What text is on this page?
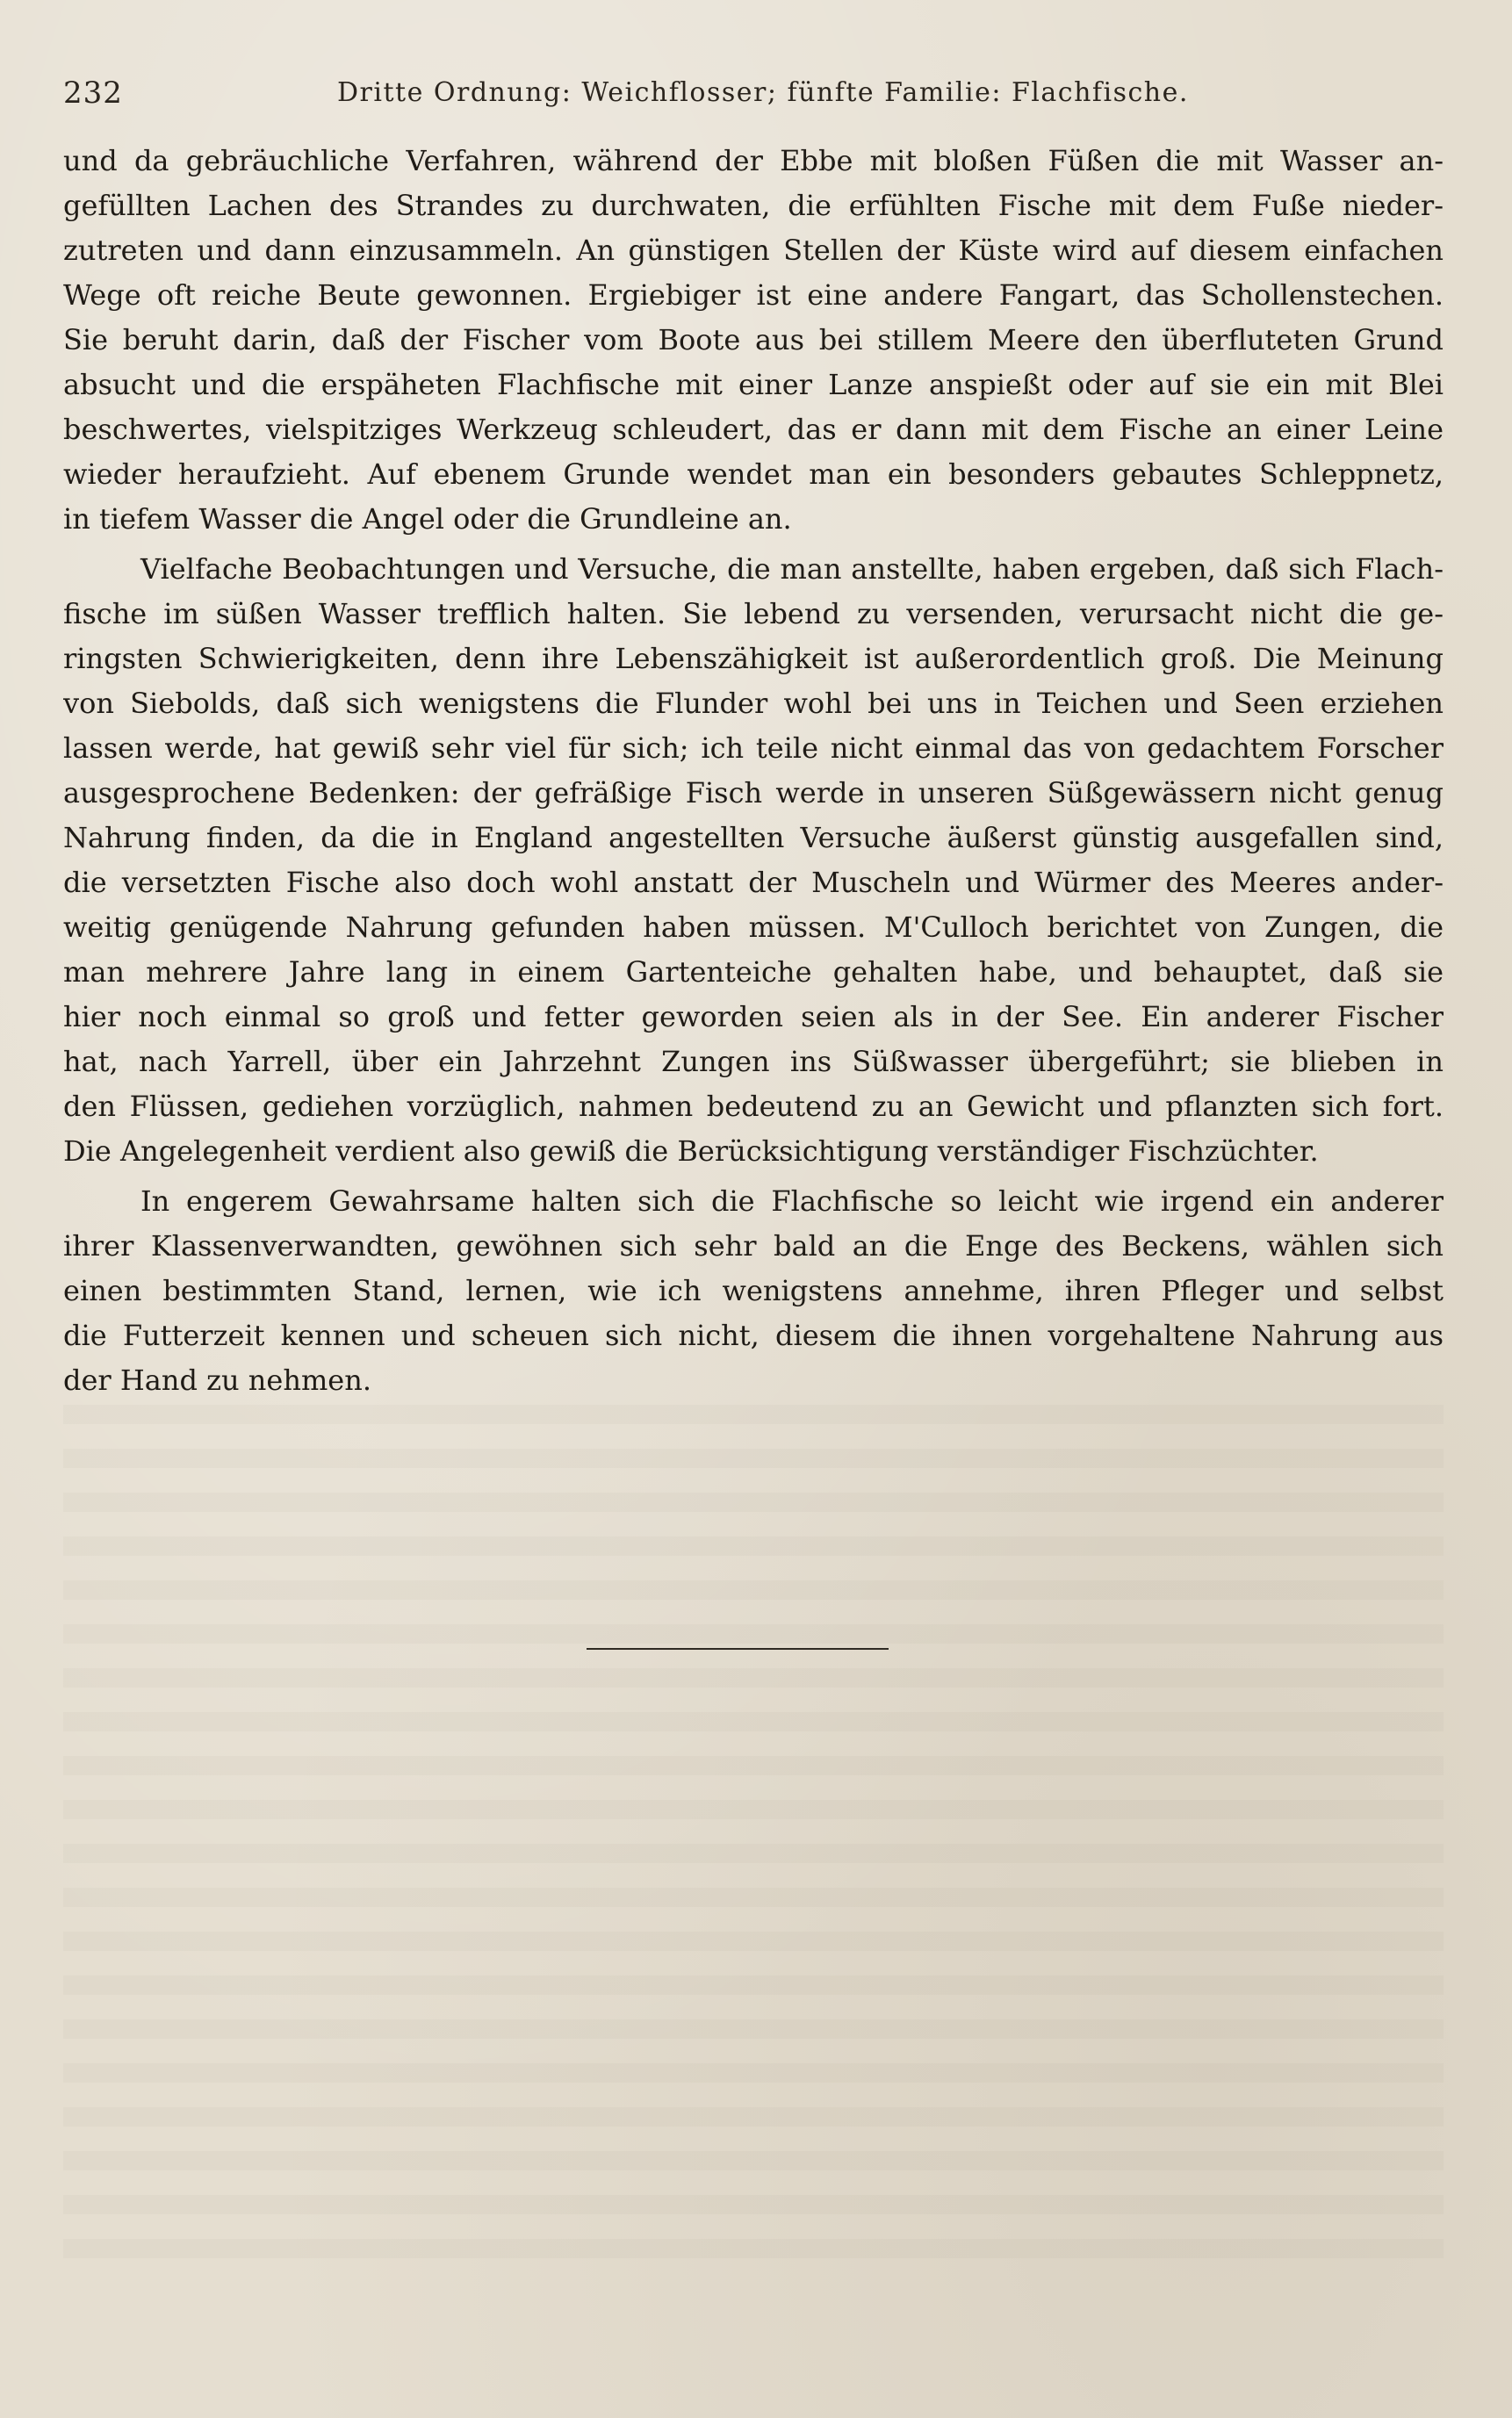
232	Dritte Ordnung: Weichflosser; fünfte Familie: Flachfische.
und da gebräuchliche Verfahren, während der Ebbe mit bloßen Füßen die mit Wasser an-
gefüllten Lachen des Strandes zu durchwaten, die erfühlten Fische mit dem Fuße nieder-
zutreten und dann einzusammeln. An günstigen Stellen der Küste wird auf diesem einfachen
Wege oft reiche Beute gewonnen. Ergiebiger ist eine andere Fangart, das Schollenstechen.
Sie beruht darin, daß der Fischer vom Boote aus bei stillem Meere den überfluteten Grund
absucht und die erspäheten Flachfische mit einer Lanze anspießt oder auf sie ein mit Blei
beschwertes, vielspitziges Werkzeug schleudert, das er dann mit dem Fische an einer Leine
wieder heraufzieht. Auf ebenem Grunde wendet man ein besonders gebautes Schleppnetz,
in tiefem Wasser die Angel oder die Grundleine an.
Vielfache Beobachtungen und Versuche, die man anstellte, haben ergeben, daß sich Flach-
fische im süßen Wasser trefflich halten. Sie lebend zu versenden, verursacht nicht die ge-
ringsten Schwierigkeiten, denn ihre Lebenszähigkeit ist außerordentlich groß. Die Meinung
von Siebolds, daß sich wenigstens die Flunder wohl bei uns in Teichen und Seen erziehen
lassen werde, hat gewiß sehr viel für sich; ich teile nicht einmal das von gedachtem Forscher
ausgesprochene Bedenken: der gefräßige Fisch werde in unseren Süßgewässern nicht genug
Nahrung finden, da die in England angestellten Versuche äußerst günstig ausgefallen sind,
die versetzten Fische also doch wohl anstatt der Muscheln und Würmer des Meeres ander-
weitig genügende Nahrung gefunden haben müssen. M'Culloch berichtet von Zungen, die
man mehrere Jahre lang in einem Gartenteiche gehalten habe, und behauptet, daß sie
hier noch einmal so groß und fetter geworden seien als in der See. Ein anderer Fischer
hat, nach Yarrell, über ein Jahrzehnt Zungen ins Süßwasser übergeführt; sie blieben in
den Flüssen, gediehen vorzüglich, nahmen bedeutend zu an Gewicht und pflanzten sich fort.
Die Angelegenheit verdient also gewiß die Berücksichtigung verständiger Fischzüchter.
In engerem Gewahrsame halten sich die Flachfische so leicht wie irgend ein anderer
ihrer Klassenverwandten, gewöhnen sich sehr bald an die Enge des Beckens, wählen sich
einen bestimmten Stand, lernen, wie ich wenigstens annehme, ihren Pfleger und selbst
die Futterzeit kennen und scheuen sich nicht, diesem die ihnen vorgehaltene Nahrung aus
der Hand zu nehmen.
